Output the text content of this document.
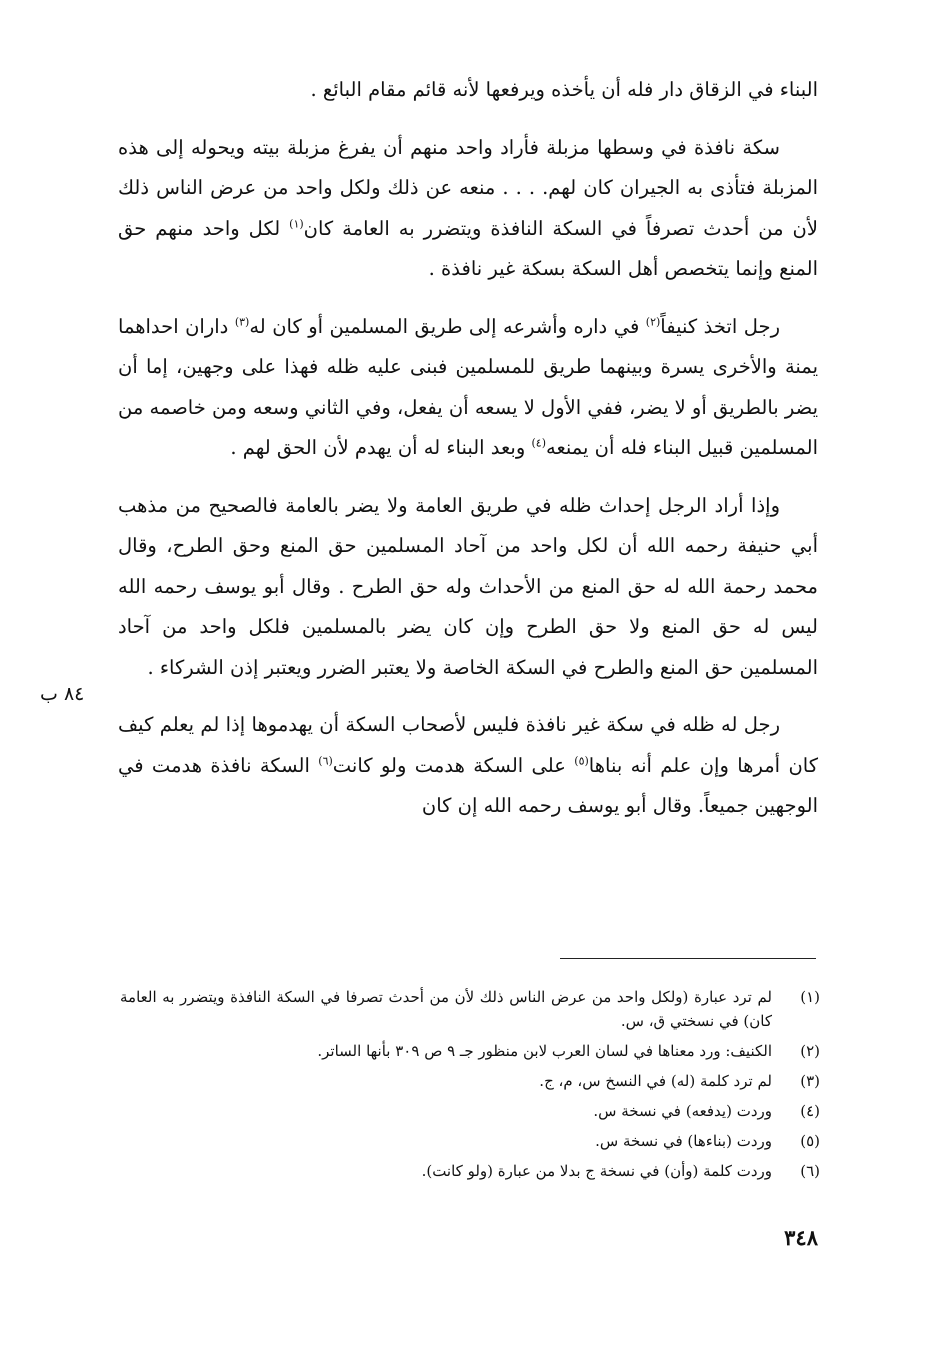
البناء في الزقاق دار فله أن يأخذه ويرفعها لأنه قائم مقام البائع .

سكة نافذة في وسطها مزبلة فأراد واحد منهم أن يفرغ مزبلة بيته ويحوله إلى هذه المزبلة فتأذى به الجيران كان لهم. . . . منعه عن ذلك ولكل واحد من عرض الناس ذلك لأن من أحدث تصرفاً في السكة النافذة ويتضرر به العامة كان$^{(١)}$ لكل واحد منهم حق المنع وإنما يتخصص أهل السكة بسكة غير نافذة .

رجل اتخذ كنيفاً$^{(٢)}$ في داره وأشرعه إلى طريق المسلمين أو كان له$^{(٣)}$ داران احداهما يمنة والأخرى يسرة وبينهما طريق للمسلمين فبنى عليه ظله فهذا على وجهين، إما أن يضر بالطريق أو لا يضر، ففي الأول لا يسعه أن يفعل، وفي الثاني وسعه ومن خاصمه من المسلمين قبيل البناء فله أن يمنعه$^{(٤)}$ وبعد البناء له أن يهدم لأن الحق لهم .

وإذا أراد الرجل إحداث ظله في طريق العامة ولا يضر بالعامة فالصحيح من مذهب أبي حنيفة رحمه الله أن لكل واحد من آحاد المسلمين حق المنع وحق الطرح، وقال محمد رحمة الله له حق المنع من الأحداث وله حق الطرح . وقال أبو يوسف رحمه الله ليس له حق المنع ولا حق الطرح وإن كان يضر بالمسلمين فلكل واحد من آحاد المسلمين حق المنع والطرح في السكة الخاصة ولا يعتبر الضرر ويعتبر إذن الشركاء .

رجل له ظله في سكة غير نافذة فليس لأصحاب السكة أن يهدموها إذا لم يعلم كيف كان أمرها وإن علم أنه بناها$^{(٥)}$ على السكة هدمت ولو كانت$^{(٦)}$ السكة نافذة هدمت في الوجهين جميعاً. وقال أبو يوسف رحمه الله إن كان

٨٤ ب
(١)
لم ترد عبارة (ولكل واحد من عرض الناس ذلك لأن من أحدث تصرفا في السكة النافذة ويتضرر به العامة كان) في نسختي ق، س.
(٢)
الكنيف: ورد معناها في لسان العرب لابن منظور جـ ٩ ص ٣٠٩ بأنها الساتر.
(٣)
لم ترد كلمة (له) في النسخ س، م، ج.
(٤)
وردت (يدفعه) في نسخة س.
(٥)
وردت (بناءها) في نسخة س.
(٦)
وردت كلمة (وأن) في نسخة ج بدلا من عبارة (ولو كانت).
٣٤٨
